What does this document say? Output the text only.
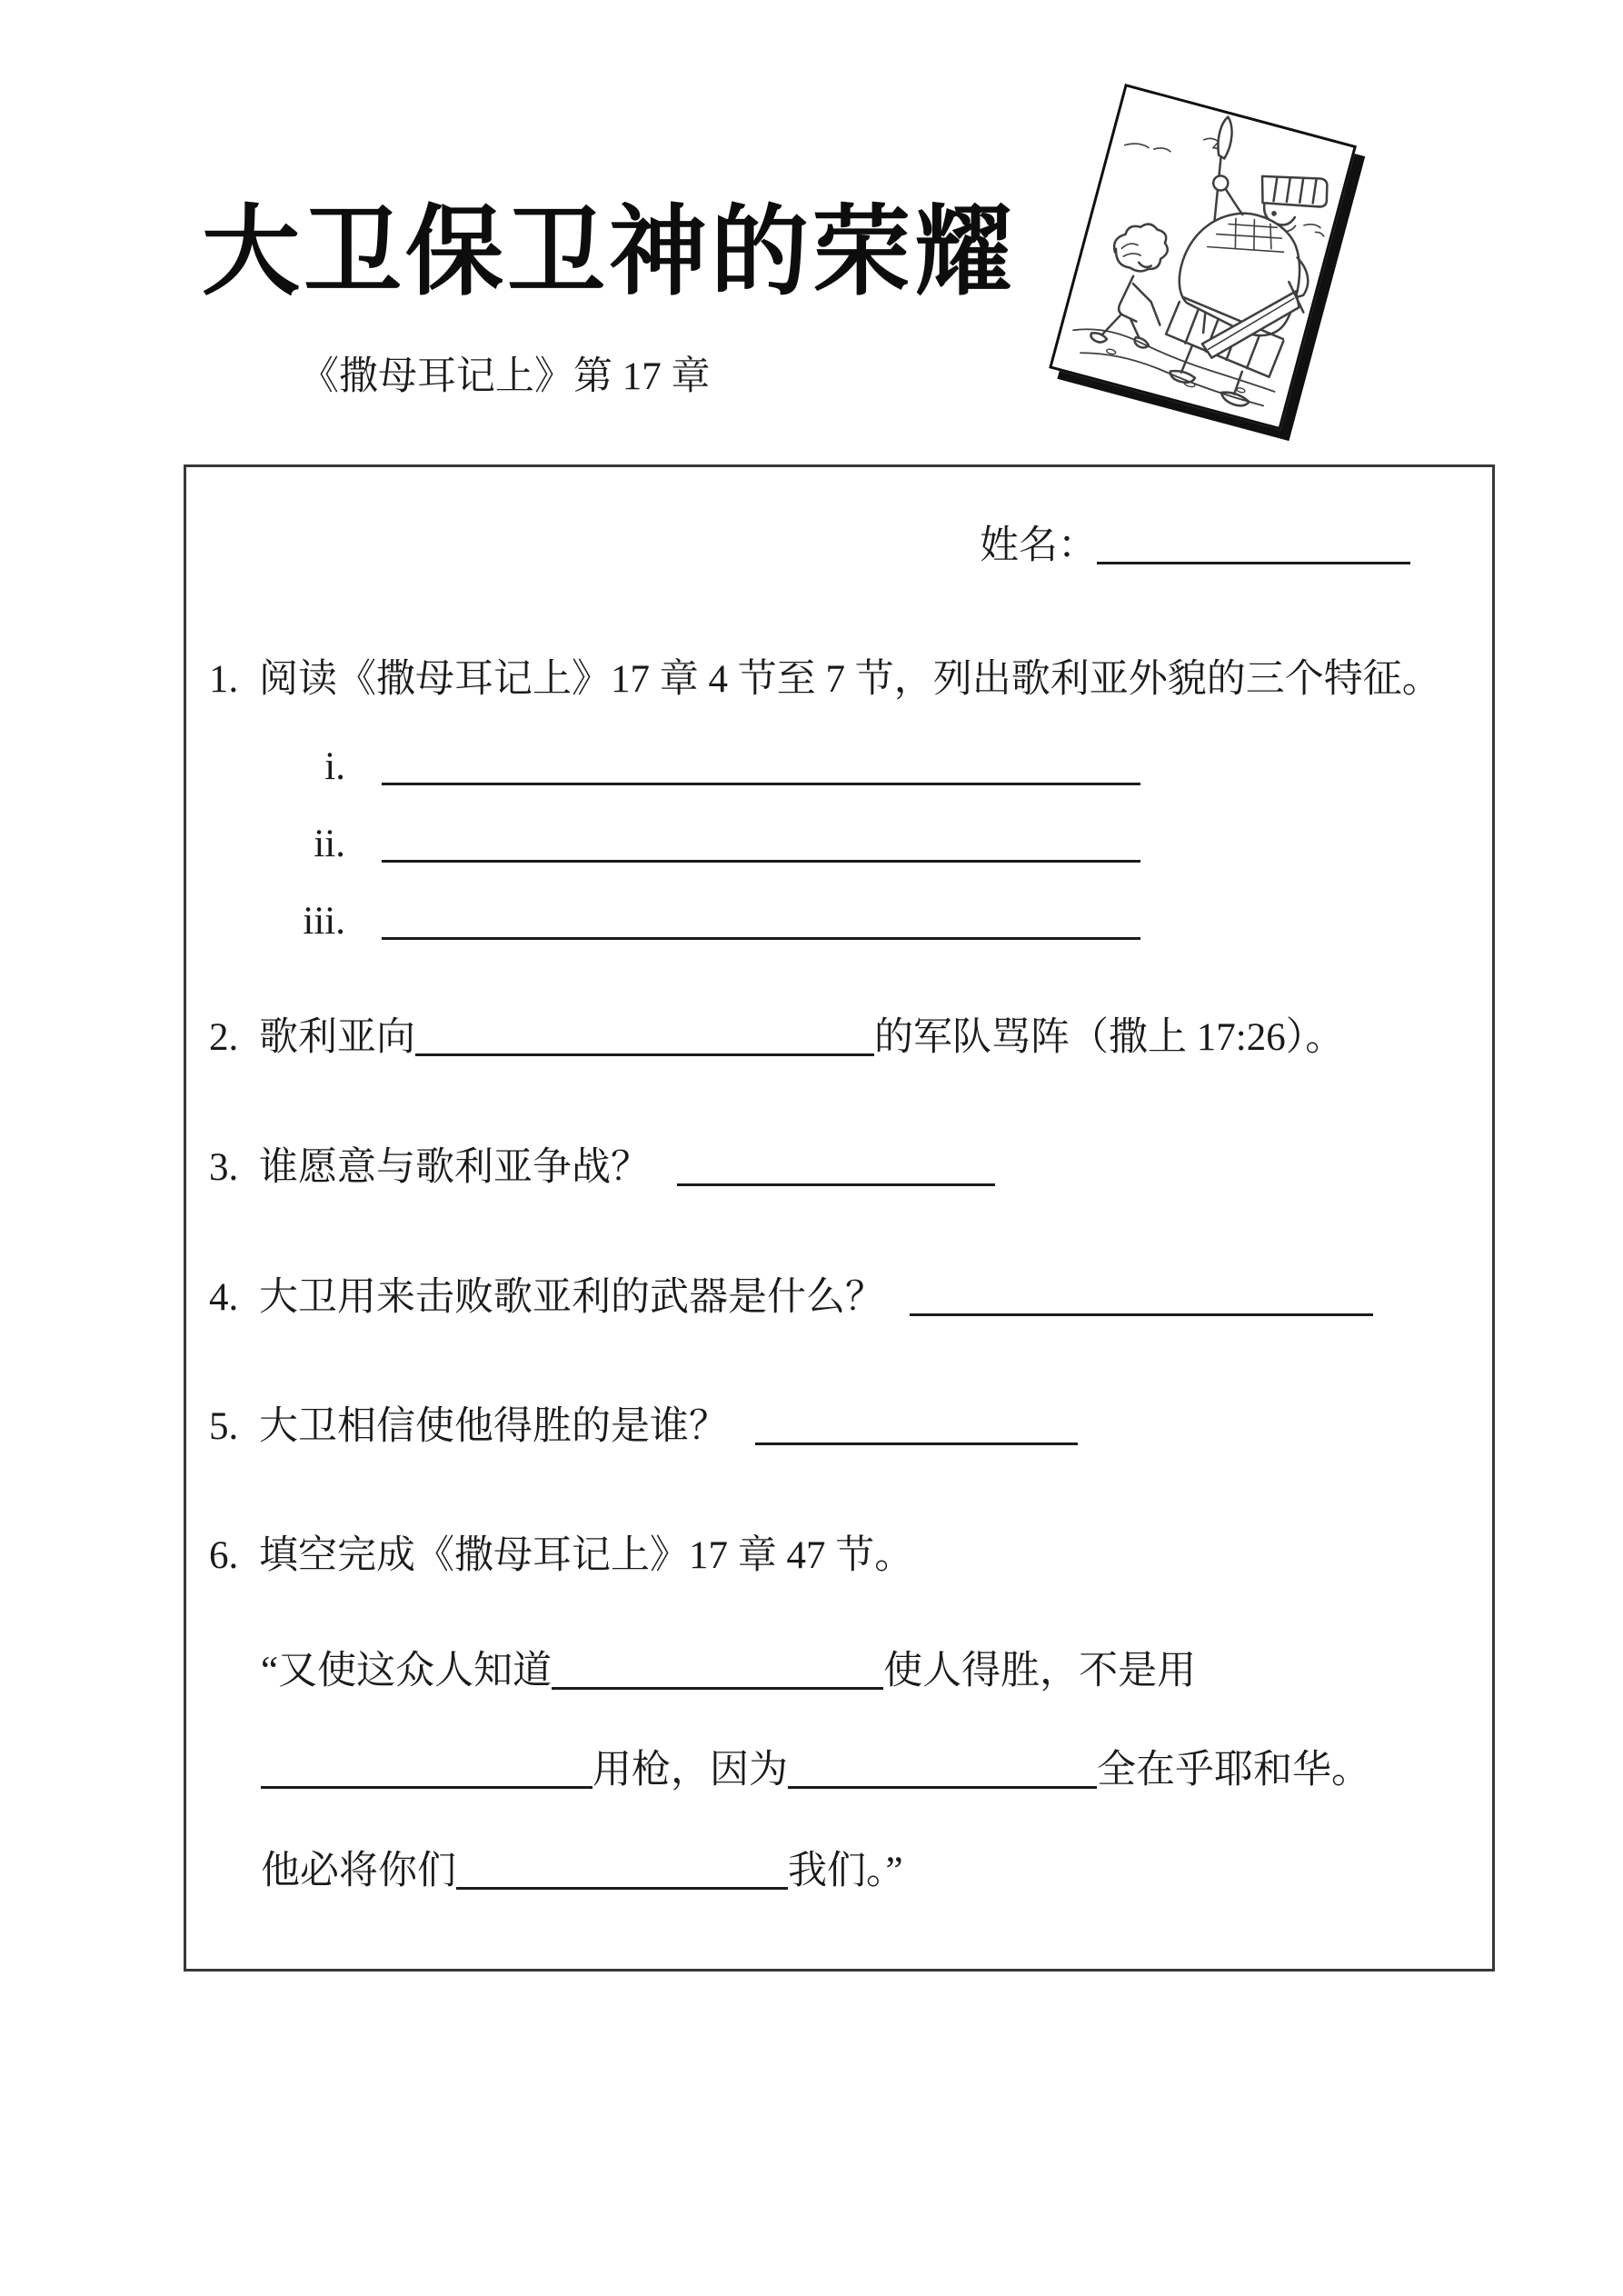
大卫保卫神的荣耀
《撒母耳记上》第 17 章
姓名：
1. 阅读《撒母耳记上》17 章 4 节至 7 节，列出歌利亚外貌的三个特征。
i.
ii.
iii.
2. 歌利亚向	的军队骂阵（撒上 17:26）。
3. 谁愿意与歌利亚争战？
4. 大卫用来击败歌亚利的武器是什么？
5. 大卫相信使他得胜的是谁？
6. 填空完成《撒母耳记上》17 章 47 节。
“又使这众人知道	使人得胜，不是用
用枪，因为	全在乎耶和华。
他必将你们	我们。”
